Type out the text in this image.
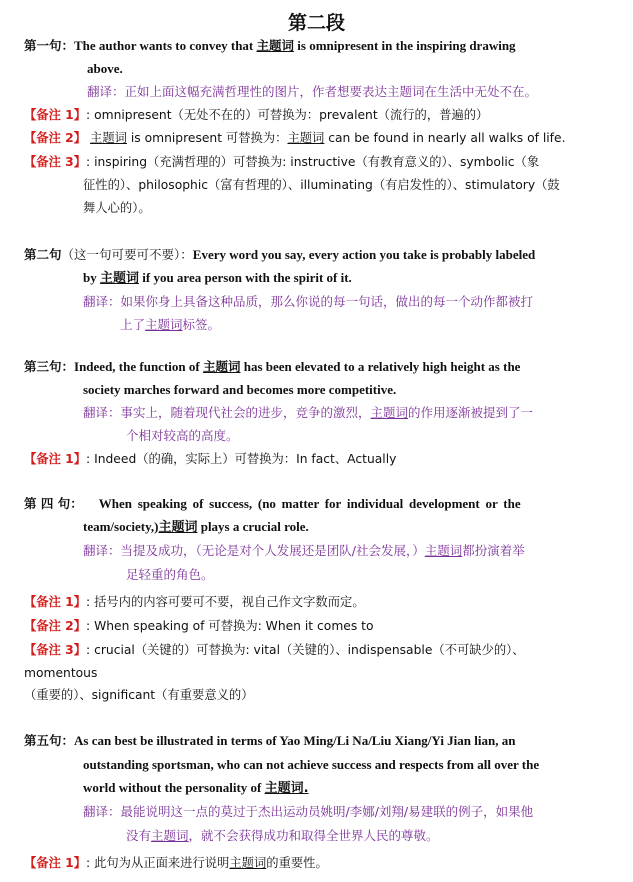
第二段
第一句：The author wants to convey that 主题词 is omnipresent in the inspiring drawing
above.
翻译：正如上面这幅充满哲理性的图片，作者想要表达主题词在生活中无处不在。
【备注 1】: omnipresent（无处不在的）可替换为：prevalent（流行的，普遍的）
【备注 2】 主题词 is omnipresent 可替换为：主题词 can be found in nearly all walks of life.
【备注 3】: inspiring（充满哲理的）可替换为: instructive（有教育意义的）、symbolic（象
征性的）、philosophic（富有哲理的）、illuminating（有启发性的）、stimulatory（鼓
舞人心的）。
第二句（这一句可要可不要）：Every word you say, every action you take is probably labeled
by 主题词 if you area person with the spirit of it.
翻译：如果你身上具备这种品质，那么你说的每一句话，做出的每一个动作都被打
上了主题词标签。
第三句：Indeed, the function of 主题词 has been elevated to a relatively high height as the
society marches forward and becomes more competitive.
翻译：事实上，随着现代社会的进步，竞争的激烈，主题词的作用逐渐被提到了一
个相对较高的高度。
【备注 1】: Indeed（的确，实际上）可替换为：In fact、Actually
第 四 句： When speaking of success, (no matter for individual development or the
team/society,)主题词 plays a crucial role.
翻译：当提及成功，（无论是对个人发展还是团队/社会发展，）主题词都扮演着举
足轻重的角色。
【备注 1】: 括号内的内容可要可不要，视自己作文字数而定。
【备注 2】: When speaking of 可替换为: When it comes to
【备注 3】: crucial（关键的）可替换为: vital（关键的）、indispensable（不可缺少的）、
momentous
（重要的）、significant（有重要意义的）
第五句：As can best be illustrated in terms of Yao Ming/Li Na/Liu Xiang/Yi Jian lian, an
outstanding sportsman, who can not achieve success and respects from all over the
world without the personality of 主题词.
翻译：最能说明这一点的莫过于杰出运动员姚明/李娜/刘翔/易建联的例子，如果他
没有主题词，就不会获得成功和取得全世界人民的尊敬。
【备注 1】: 此句为从正面来进行说明主题词的重要性。
